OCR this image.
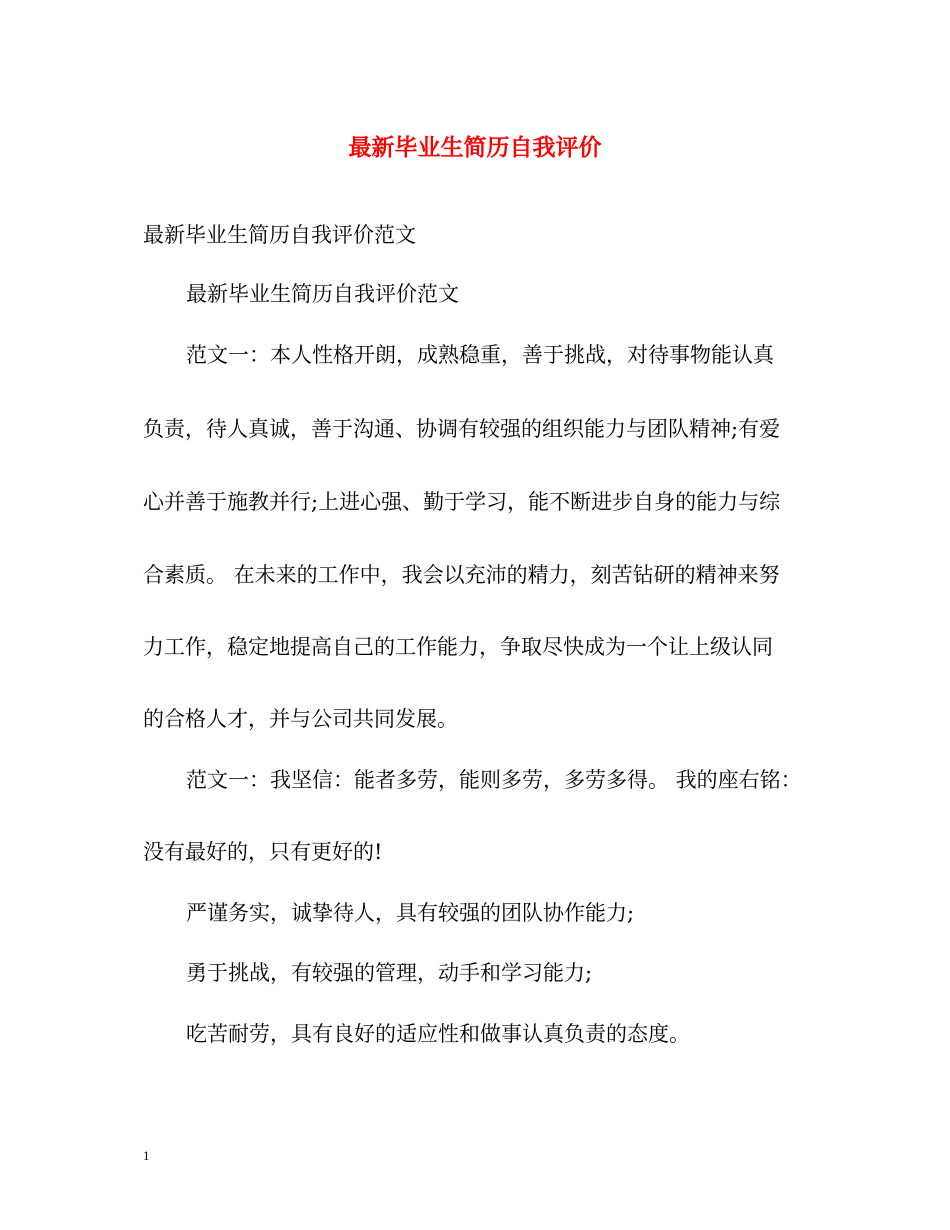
最新毕业生简历自我评价
最新毕业生简历自我评价范文
最新毕业生简历自我评价范文
范文一：本人性格开朗，成熟稳重，善于挑战，对待事物能认真
负责，待人真诚，善于沟通、协调有较强的组织能力与团队精神;有爱
心并善于施教并行;上进心强、勤于学习，能不断进步自身的能力与综
合素质。 在未来的工作中，我会以充沛的精力，刻苦钻研的精神来努
力工作，稳定地提高自己的工作能力，争取尽快成为一个让上级认同
的合格人才，并与公司共同发展。
范文一：我坚信：能者多劳，能则多劳，多劳多得。 我的座右铭：
没有最好的，只有更好的!
严谨务实，诚挚待人，具有较强的团队协作能力;
勇于挑战，有较强的管理，动手和学习能力;
吃苦耐劳，具有良好的适应性和做事认真负责的态度。
1
